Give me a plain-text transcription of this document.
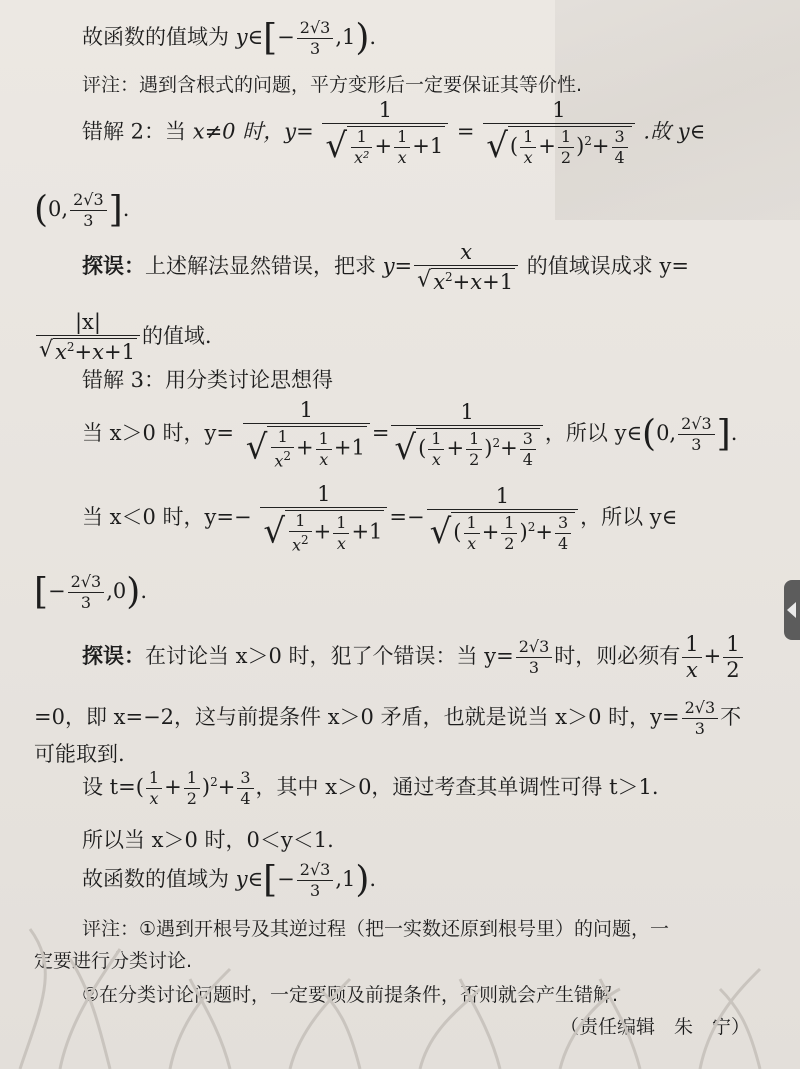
故函数的值域为 y∈[− $\frac{2√3}{3} ,1$).
评注：遇到含根式的问题，平方变形后一定要保证其等价性.
错解 2：当 x≠0 时，$y= \frac{1}{√ \frac{1}{\text{x²}} + \frac{1}{x} +1} = \frac{1}{√( \frac{1}{x} + \frac{1}{2} )^2+ \frac{3}{4}}$ .故 y∈
(0, $\frac{2√3}{3}$ ].
探误：上述解法显然错误，把求 $y= \frac{x}{√x^2+x+1}$ 的值域误成求 y=
$\frac{|x|}{√x^2+x+1}$ 的值域.
错解 3：用分类讨论思想得
当 x＞0 时，$y= \frac{1}{√ \frac{1}{x^2} + \frac{1}{x} +1} = \frac{1}{√( \frac{1}{x} + \frac{1}{2} )^2+ \frac{3}{4}}$ ，所以 y∈(0, $\frac{2√3}{3}$ ].
当 x＜0 时，$y=- \frac{1}{√ \frac{1}{x^2} + \frac{1}{x} +1} =- \frac{1}{√( \frac{1}{x} + \frac{1}{2} )^2+ \frac{3}{4}}$ ，所以 y∈
[− $\frac{2√3}{3} ,0$).
探误：在讨论当 x＞0 时，犯了个错误：当 $y= \frac{2√3}{3}$ 时，则必须有 $\frac{1}{x} + \frac{1}{2}$
=0，即 x=−2，这与前提条件 x＞0 矛盾，也就是说当 x＞0 时，$y= \frac{2√3}{3}$ 不
可能取到.
设 $t=( \frac{1}{x} + \frac{1}{2} )^2+ \frac{3}{4}$ ，其中 x＞0，通过考查其单调性可得 t＞1.
所以当 x＞0 时，0＜y＜1.
故函数的值域为 y∈[− $\frac{2√3}{3} ,1$).
评注：①遇到开根号及其逆过程（把一实数还原到根号里）的问题，一
定要进行分类讨论.
②在分类讨论问题时，一定要顾及前提条件，否则就会产生错解.
（责任编辑　朱　宁）
